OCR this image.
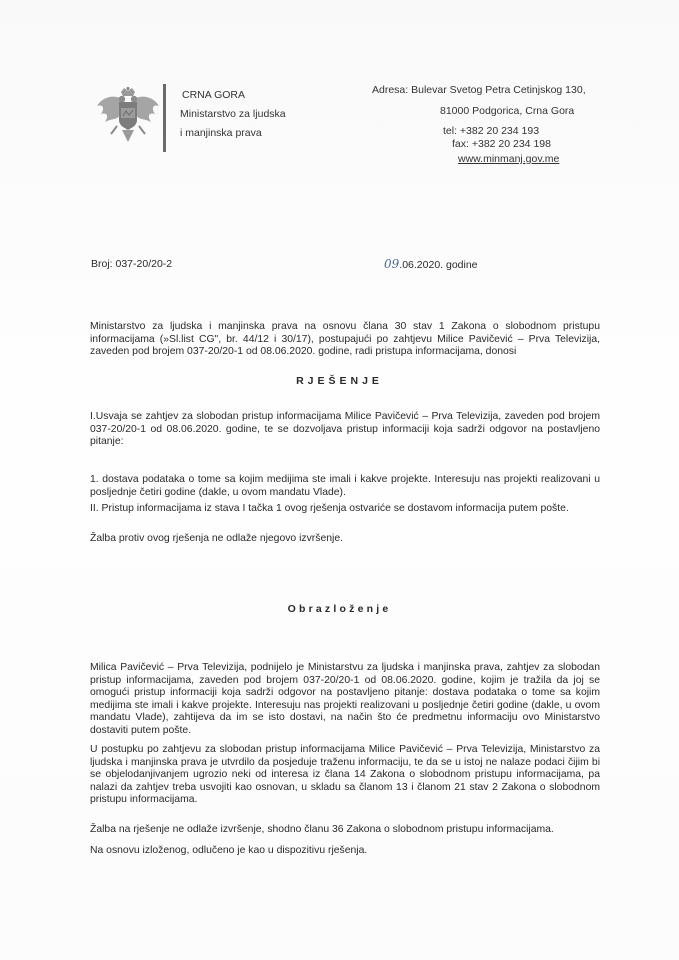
CRNA GORA
Ministarstvo za ljudska
i manjinska prava
Adresa: Bulevar Svetog Petra Cetinjskog 130,
81000 Podgorica, Crna Gora
tel: +382 20 234 193
fax: +382 20 234 198
www.minmanj.gov.me
Broj: 037-20/20-2	09.06.2020. godine
Ministarstvo za ljudska i manjinska prava na osnovu člana 30 stav 1 Zakona o slobodnom pristupu informacijama (»Sl.list CG", br. 44/12 i 30/17), postupajući po zahtjevu Milice Pavičević – Prva Televizija, zaveden pod brojem 037-20/20-1 od 08.06.2020. godine, radi pristupa informacijama, donosi
RJEŠENJE
I.Usvaja se zahtjev za slobodan pristup informacijama Milice Pavičević – Prva Televizija, zaveden pod brojem 037-20/20-1 od 08.06.2020. godine, te se dozvoljava pristup informaciji koja sadrži odgovor na postavljeno pitanje:
1. dostava podataka o tome sa kojim medijima ste imali i kakve projekte. Interesuju nas projekti realizovani u posljednje četiri godine (dakle, u ovom mandatu Vlade).
II. Pristup informacijama iz stava I tačka 1 ovog rješenja ostvariće se dostavom informacija putem pošte.
Žalba protiv ovog rješenja ne odlaže njegovo izvršenje.
Obrazloženje
Milica Pavičević – Prva Televizija, podnijelo je Ministarstvu za ljudska i manjinska prava, zahtjev za slobodan pristup informacijama, zaveden pod brojem 037-20/20-1 od 08.06.2020. godine, kojim je tražila da joj se omogući pristup informaciji koja sadrži odgovor na postavljeno pitanje: dostava podataka o tome sa kojim medijima ste imali i kakve projekte. Interesuju nas projekti realizovani u posljednje četiri godine (dakle, u ovom mandatu Vlade), zahtijeva da im se isto dostavi, na način što će predmetnu informaciju ovo Ministarstvo dostaviti putem pošte.
U postupku po zahtjevu za slobodan pristup informacijama Milice Pavičević – Prva Televizija, Ministarstvo za ljudska i manjinska prava je utvrdilo da posjeduje traženu informaciju, te da se u istoj ne nalaze podaci čijim bi se objelodanjivanjem ugrozio neki od interesa iz člana 14 Zakona o slobodnom pristupu informacijama, pa nalazi da zahtjev treba usvojiti kao osnovan, u skladu sa članom 13 i članom 21 stav 2 Zakona o slobodnom pristupu informacijama.
Žalba na rješenje ne odlaže izvršenje, shodno članu 36 Zakona o slobodnom pristupu informacijama.
Na osnovu izloženog, odlučeno je kao u dispozitivu rješenja.
